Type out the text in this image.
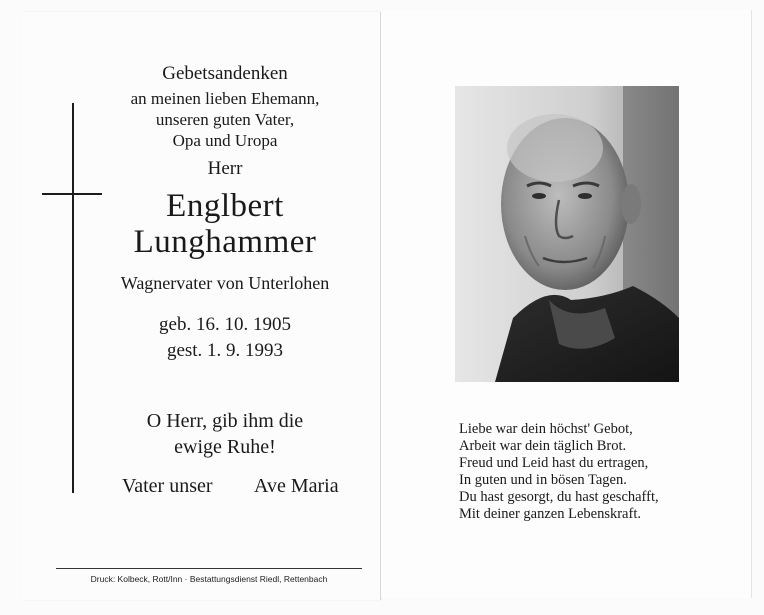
Gebetsandenken
an meinen lieben Ehemann,
unseren guten Vater,
Opa und Uropa
Herr
Englbert
Lunghammer
Wagnervater von Unterlohen
geb. 16. 10. 1905
gest. 1. 9. 1993
O Herr, gib ihm die
ewige Ruhe!
Vater unser Ave Maria
Druck: Kolbeck, Rott/Inn · Bestattungsdienst Riedl, Rettenbach
Liebe war dein höchst' Gebot,
Arbeit war dein täglich Brot.
Freud und Leid hast du ertragen,
In guten und in bösen Tagen.
Du hast gesorgt, du hast geschafft,
Mit deiner ganzen Lebenskraft.
